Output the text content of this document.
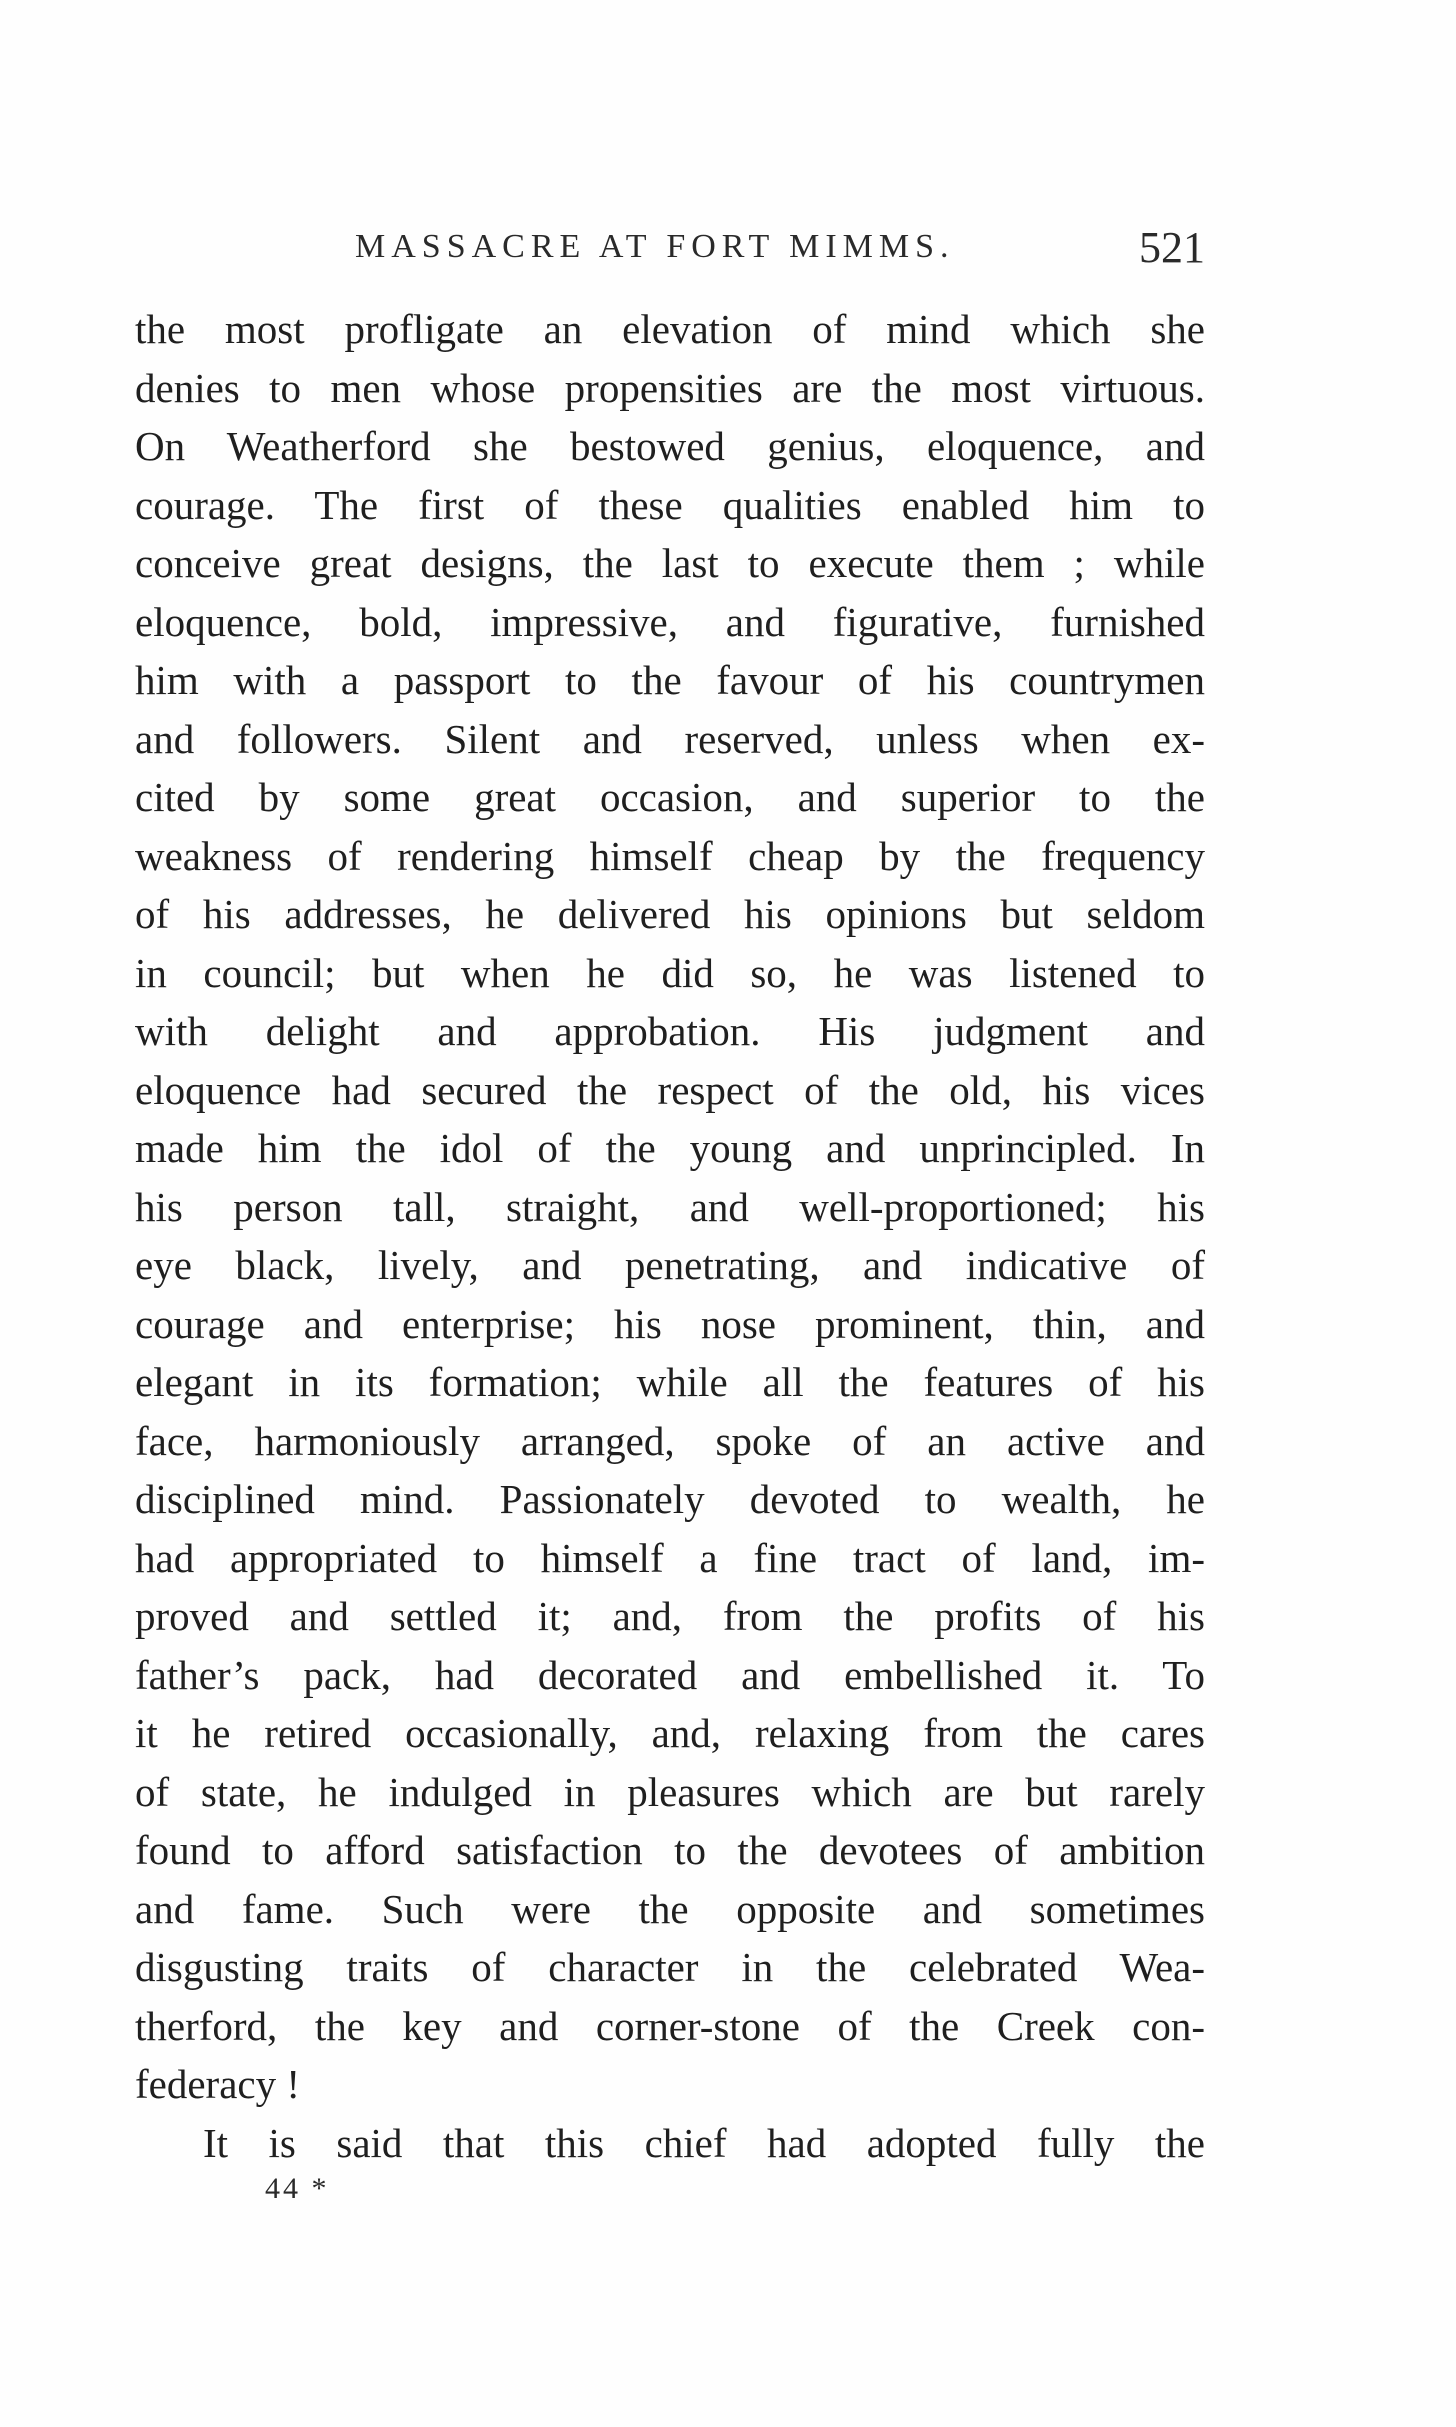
MASSACRE AT FORT MIMMS.	521
the most profligate an elevation of mind which she
denies to men whose propensities are the most virtuous.
On Weatherford she bestowed genius, eloquence, and
courage. The first of these qualities enabled him to
conceive great designs, the last to execute them ; while
eloquence, bold, impressive, and figurative, furnished
him with a passport to the favour of his countrymen
and followers. Silent and reserved, unless when ex-
cited by some great occasion, and superior to the
weakness of rendering himself cheap by the frequency
of his addresses, he delivered his opinions but seldom
in council; but when he did so, he was listened to
with delight and approbation. His judgment and
eloquence had secured the respect of the old, his vices
made him the idol of the young and unprincipled. In
his person tall, straight, and well-proportioned; his
eye black, lively, and penetrating, and indicative of
courage and enterprise; his nose prominent, thin, and
elegant in its formation; while all the features of his
face, harmoniously arranged, spoke of an active and
disciplined mind. Passionately devoted to wealth, he
had appropriated to himself a fine tract of land, im-
proved and settled it; and, from the profits of his
father’s pack, had decorated and embellished it. To
it he retired occasionally, and, relaxing from the cares
of state, he indulged in pleasures which are but rarely
found to afford satisfaction to the devotees of ambition
and fame. Such were the opposite and sometimes
disgusting traits of character in the celebrated Wea-
therford, the key and corner-stone of the Creek con-
federacy !
It is said that this chief had adopted fully the
44 *
